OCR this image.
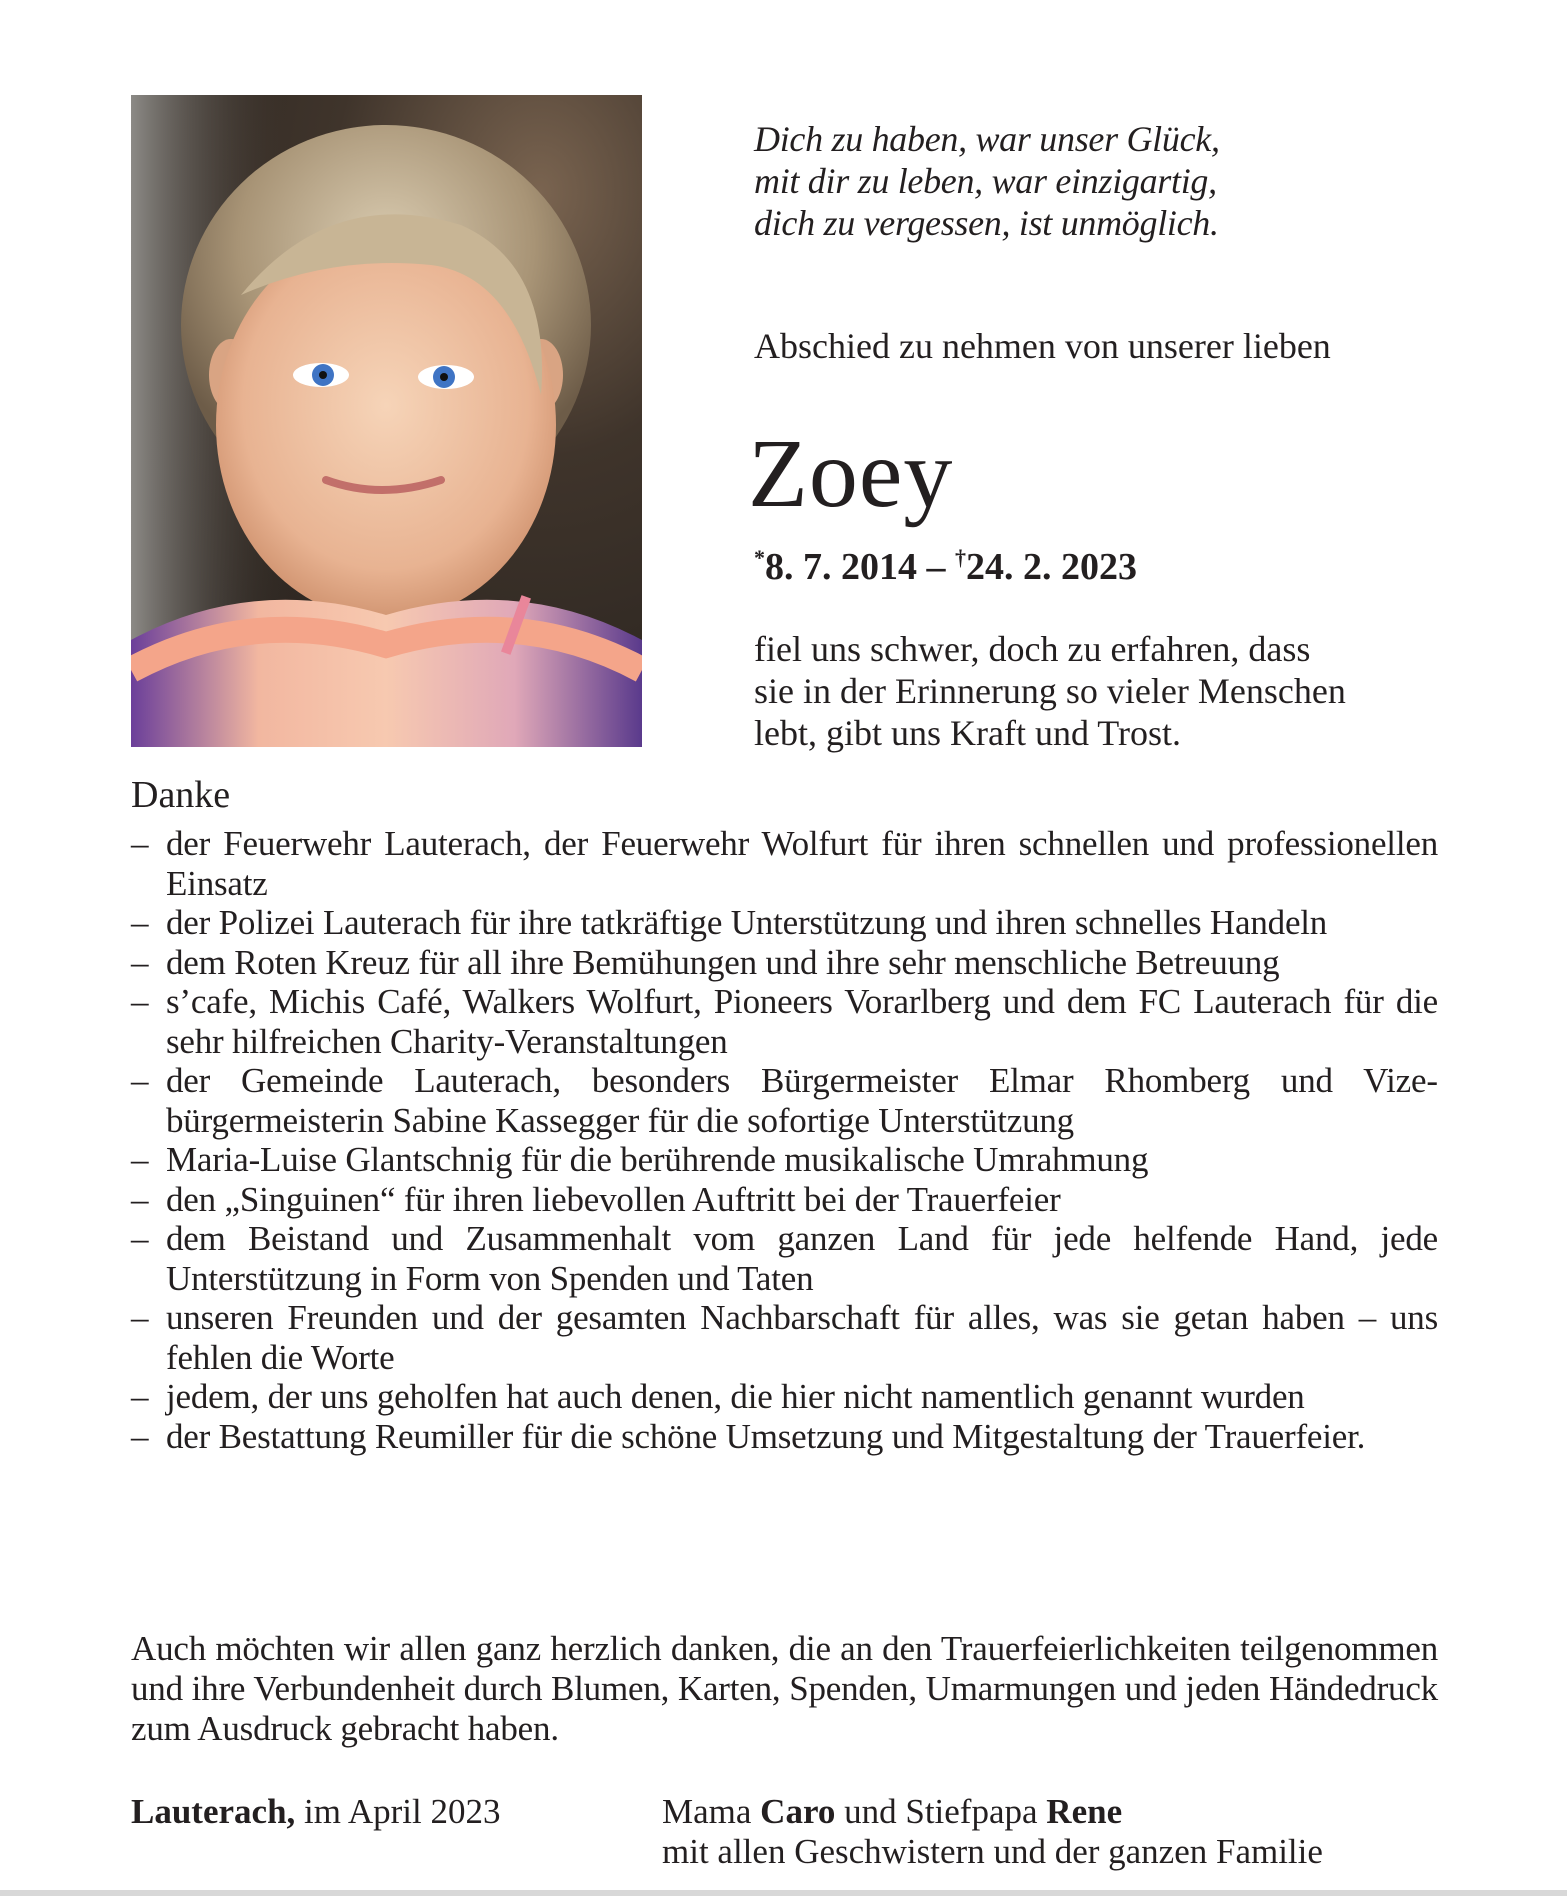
Dich zu haben, war unser Glück,
mit dir zu leben, war einzigartig,
dich zu vergessen, ist unmöglich.
Abschied zu nehmen von unserer lieben
Zoey
*8. 7. 2014 – †24. 2. 2023
fiel uns schwer, doch zu erfahren, dass
sie in der Erinnerung so vieler Menschen
lebt, gibt uns Kraft und Trost.
Danke
– der Feuerwehr Lauterach, der Feuerwehr Wolfurt für ihren schnellen und professionellen Einsatz
– der Polizei Lauterach für ihre tatkräftige Unterstützung und ihren schnelles Handeln
– dem Roten Kreuz für all ihre Bemühungen und ihre sehr menschliche Betreuung
– s’cafe, Michis Café, Walkers Wolfurt, Pioneers Vorarlberg und dem FC Lauterach für die sehr hilfreichen Charity-Veranstaltungen
– der Gemeinde Lauterach, besonders Bürgermeister Elmar Rhomberg und Vizebürgermeisterin Sabine Kassegger für die sofortige Unterstützung
– Maria-Luise Glantschnig für die berührende musikalische Umrahmung
– den „Singuinen“ für ihren liebevollen Auftritt bei der Trauerfeier
– dem Beistand und Zusammenhalt vom ganzen Land für jede helfende Hand, jede Unterstützung in Form von Spenden und Taten
– unseren Freunden und der gesamten Nachbarschaft für alles, was sie getan haben – uns fehlen die Worte
– jedem, der uns geholfen hat auch denen, die hier nicht namentlich genannt wurden
– der Bestattung Reumiller für die schöne Umsetzung und Mitgestaltung der Trauerfeier.
Auch möchten wir allen ganz herzlich danken, die an den Trauerfeierlichkeiten teilgenommen und ihre Verbundenheit durch Blumen, Karten, Spenden, Umarmungen und jeden Händedruck zum Ausdruck gebracht haben.
Lauterach, im April 2023	Mama Caro und Stiefpapa Rene
mit allen Geschwistern und der ganzen Familie
